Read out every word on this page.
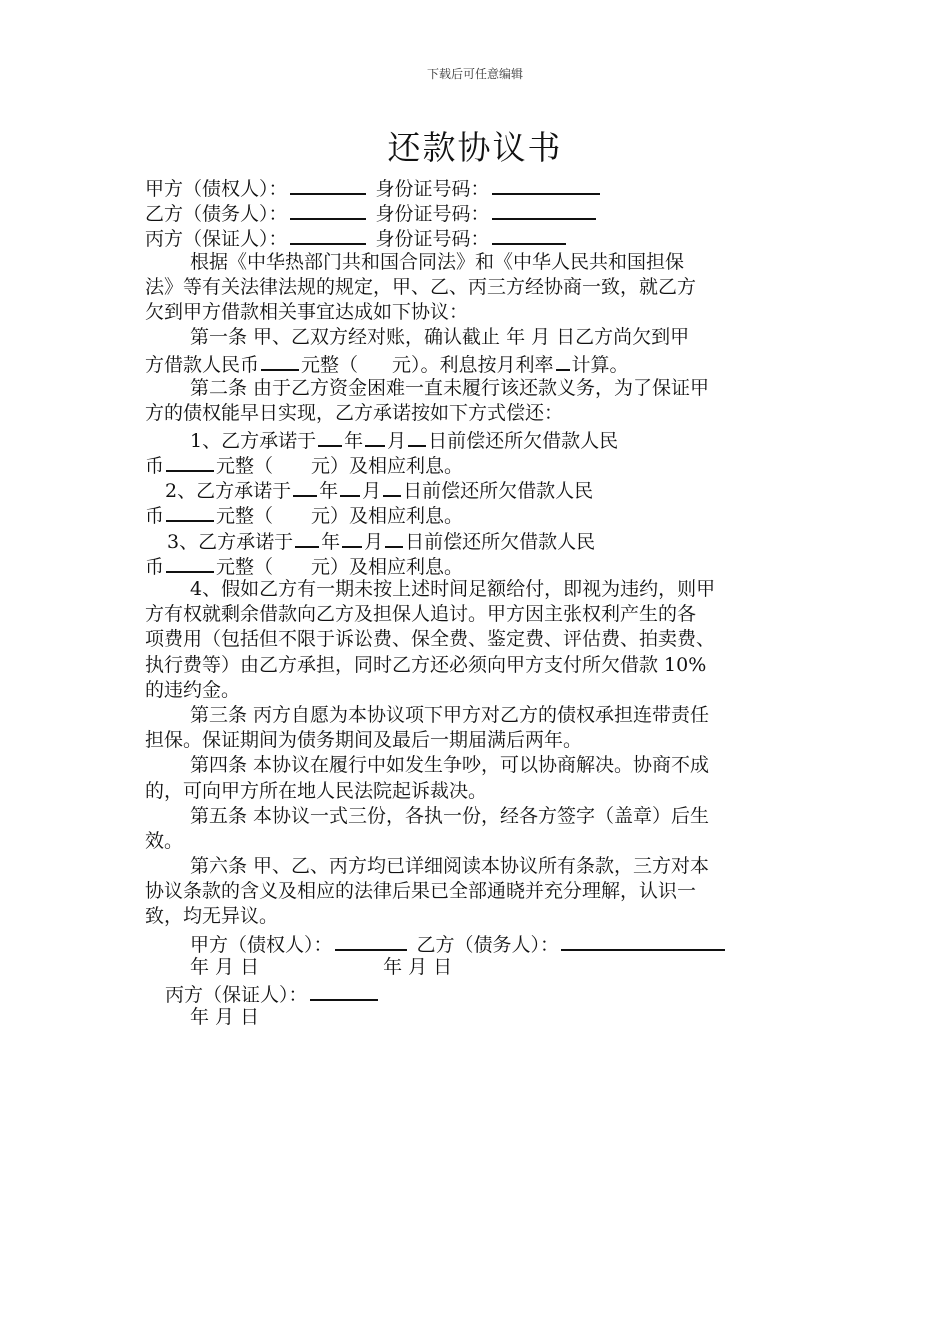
下载后可任意编辑
还款协议书
甲方（债权人）：	身份证号码：
乙方（债务人）：	身份证号码：
丙方（保证人）：	身份证号码：
根据《中华热部门共和国合同法》和《中华人民共和国担保
法》等有关法律法规的规定，甲、乙、丙三方经协商一致，就乙方
欠到甲方借款相关事宜达成如下协议：
第一条 甲、乙双方经对账，确认截止 年 月 日乙方尚欠到甲
方借款人民币 元整（ 元）。利息按月利率 计算。
第二条 由于乙方资金困难一直未履行该还款义务，为了保证甲
方的债权能早日实现，乙方承诺按如下方式偿还：
1、乙方承诺于 年 月 日前偿还所欠借款人民
币	元整（ 元）及相应利息。
2、乙方承诺于 年 月 日前偿还所欠借款人民
币	元整（ 元）及相应利息。
3、乙方承诺于 年 月 日前偿还所欠借款人民
币	元整（ 元）及相应利息。
4、假如乙方有一期未按上述时间足额给付，即视为违约，则甲
方有权就剩余借款向乙方及担保人追讨。甲方因主张权利产生的各
项费用（包括但不限于诉讼费、保全费、鉴定费、评估费、拍卖费、
执行费等）由乙方承担，同时乙方还必须向甲方支付所欠借款 10%
的违约金。
第三条 丙方自愿为本协议项下甲方对乙方的债权承担连带责任
担保。保证期间为债务期间及最后一期届满后两年。
第四条 本协议在履行中如发生争吵，可以协商解决。协商不成
的，可向甲方所在地人民法院起诉裁决。
第五条 本协议一式三份，各执一份，经各方签字（盖章）后生
效。
第六条 甲、乙、丙方均已详细阅读本协议所有条款，三方对本
协议条款的含义及相应的法律后果已全部通晓并充分理解，认识一
致，均无异议。
甲方（债权人）：	乙方（债务人）：
年 月 日	年 月 日
丙方（保证人）：
年 月 日
